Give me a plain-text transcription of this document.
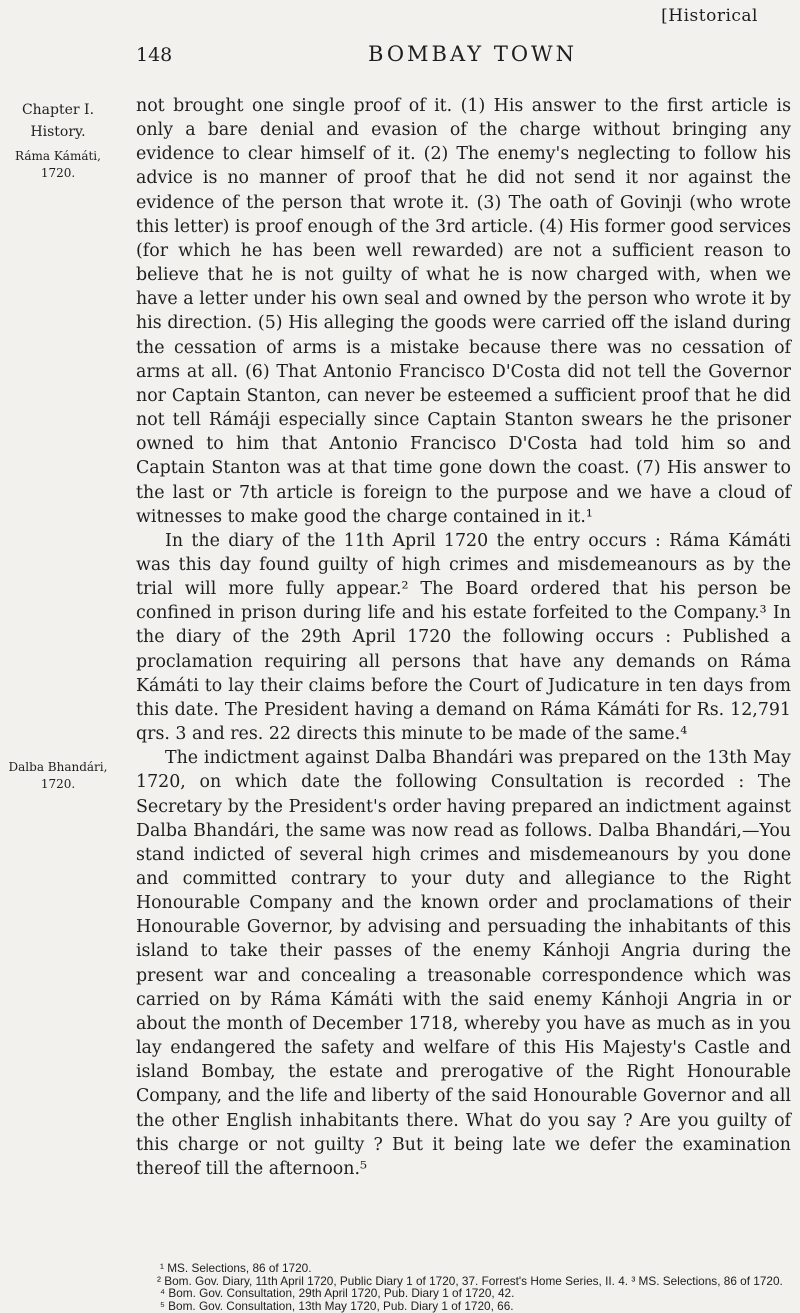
[Historical
148	BOMBAY TOWN
Chapter I.
History.
Ráma Kámáti, 1720.
Dalba Bhandári, 1720.

not brought one single proof of it. (1) His answer to the first article is only a bare denial and evasion of the charge without bringing any evidence to clear himself of it. (2) The enemy's neglecting to follow his advice is no manner of proof that he did not send it nor against the evidence of the person that wrote it. (3) The oath of Govinji (who wrote this letter) is proof enough of the 3rd article. (4) His former good services (for which he has been well rewarded) are not a sufficient reason to believe that he is not guilty of what he is now charged with, when we have a letter under his own seal and owned by the person who wrote it by his direction. (5) His alleging the goods were carried off the island during the cessation of arms is a mistake because there was no cessation of arms at all. (6) That Antonio Francisco D'Costa did not tell the Governor nor Captain Stanton, can never be esteemed a sufficient proof that he did not tell Rámáji especially since Captain Stanton swears he the prisoner owned to him that Antonio Francisco D'Costa had told him so and Captain Stanton was at that time gone down the coast. (7) His answer to the last or 7th article is foreign to the purpose and we have a cloud of witnesses to make good the charge contained in it.¹

In the diary of the 11th April 1720 the entry occurs : Ráma Kámáti was this day found guilty of high crimes and misdemeanours as by the trial will more fully appear.² The Board ordered that his person be confined in prison during life and his estate forfeited to the Company.³ In the diary of the 29th April 1720 the following occurs : Published a proclamation requiring all persons that have any demands on Ráma Kámáti to lay their claims before the Court of Judicature in ten days from this date. The President having a demand on Ráma Kámáti for Rs. 12,791 qrs. 3 and res. 22 directs this minute to be made of the same.⁴

The indictment against Dalba Bhandári was prepared on the 13th May 1720, on which date the following Consultation is recorded : The Secretary by the President's order having prepared an indictment against Dalba Bhandári, the same was now read as follows. Dalba Bhandári,—You stand indicted of several high crimes and misdemeanours by you done and committed contrary to your duty and allegiance to the Right Honourable Company and the known order and proclamations of their Honourable Governor, by advising and persuading the inhabitants of this island to take their passes of the enemy Kánhoji Angria during the present war and concealing a treasonable correspondence which was carried on by Ráma Kámáti with the said enemy Kánhoji Angria in or about the month of December 1718, whereby you have as much as in you lay endangered the safety and welfare of this His Majesty's Castle and island Bombay, the estate and prerogative of the Right Honourable Company, and the life and liberty of the said Honourable Governor and all the other English inhabitants there. What do you say ? Are you guilty of this charge or not guilty ? But it being late we defer the examination thereof till the afternoon.⁵

¹ MS. Selections, 86 of 1720.

² Bom. Gov. Diary, 11th April 1720, Public Diary 1 of 1720, 37. Forrest's Home Series, II. 4. ³ MS. Selections, 86 of 1720.

⁴ Bom. Gov. Consultation, 29th April 1720, Pub. Diary 1 of 1720, 42.

⁵ Bom. Gov. Consultation, 13th May 1720, Pub. Diary 1 of 1720, 66.
